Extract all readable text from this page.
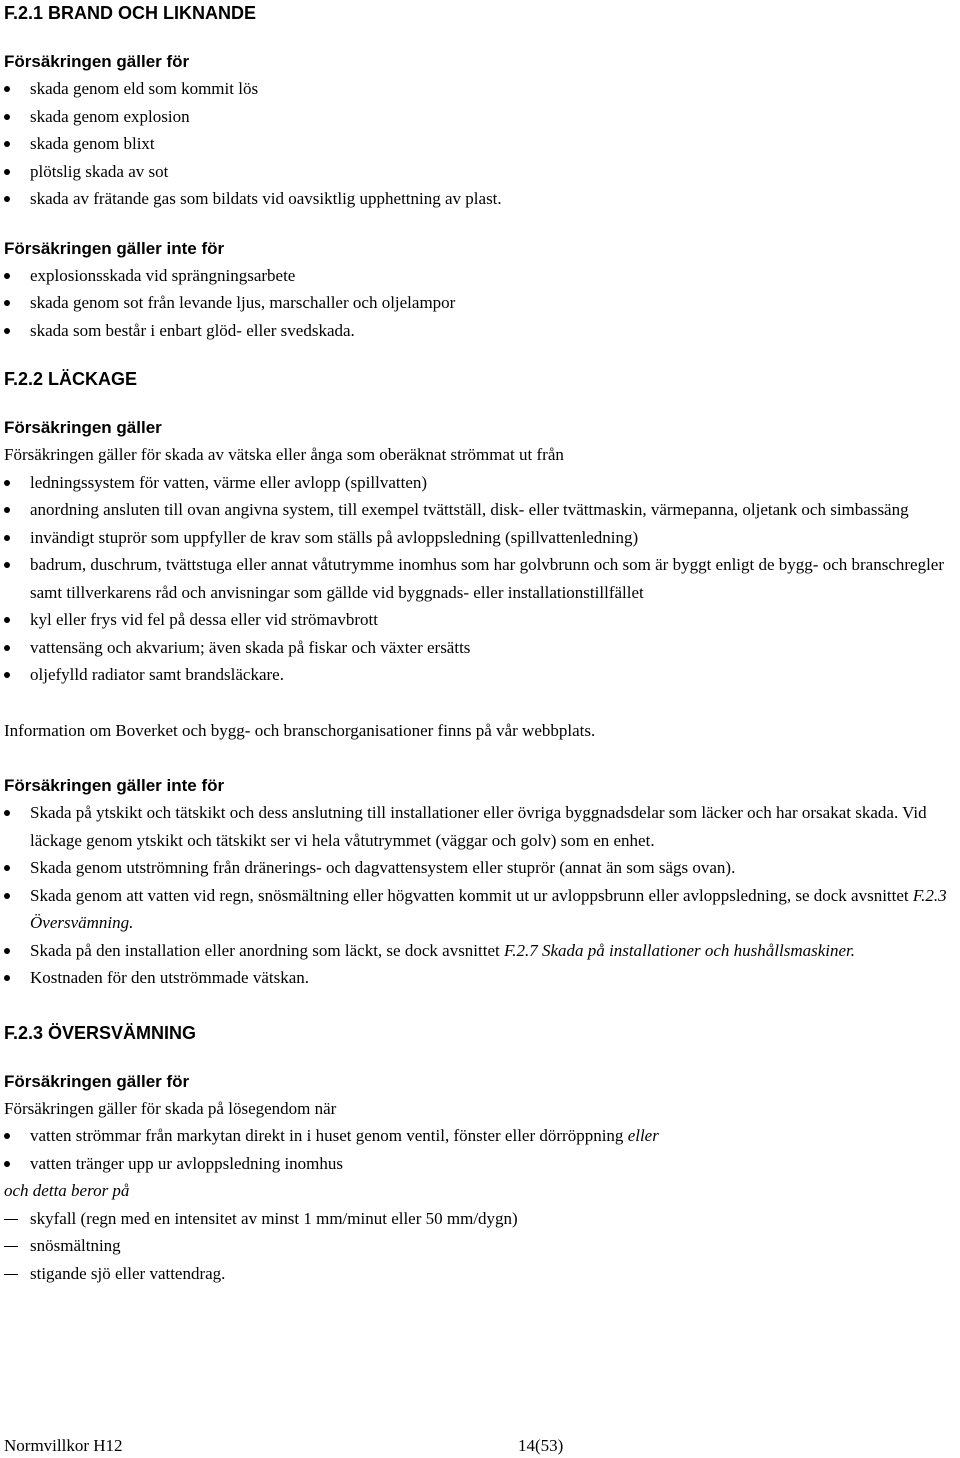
F.2.1 BRAND OCH LIKNANDE
Försäkringen gäller för
skada genom eld som kommit lös
skada genom explosion
skada genom blixt
plötslig skada av sot
skada av frätande gas som bildats vid oavsiktlig upphettning av plast.
Försäkringen gäller inte för
explosionsskada vid sprängningsarbete
skada genom sot från levande ljus, marschaller och oljelampor
skada som består i enbart glöd- eller svedskada.
F.2.2 LÄCKAGE
Försäkringen gäller

Försäkringen gäller för skada av vätska eller ånga som oberäknat strömmat ut från

ledningssystem för vatten, värme eller avlopp (spillvatten)
anordning ansluten till ovan angivna system, till exempel tvättställ, disk- eller tvättmaskin, värmepanna, oljetank och simbassäng
invändigt stuprör som uppfyller de krav som ställs på avloppsledning (spillvattenledning)
badrum, duschrum, tvättstuga eller annat våtutrymme inomhus som har golvbrunn och som är byggt enligt de bygg- och branschregler samt tillverkarens råd och anvisningar som gällde vid byggnads- eller installationstillfället
kyl eller frys vid fel på dessa eller vid strömavbrott
vattensäng och akvarium; även skada på fiskar och växter ersätts
oljefylld radiator samt brandsläckare.

Information om Boverket och bygg- och branschorganisationer finns på vår webbplats.

Försäkringen gäller inte för
Skada på ytskikt och tätskikt och dess anslutning till installationer eller övriga byggnadsdelar som läcker och har orsakat skada. Vid läckage genom ytskikt och tätskikt ser vi hela våtutrymmet (väggar och golv) som en enhet.
Skada genom utströmning från dränerings- och dagvattensystem eller stuprör (annat än som sägs ovan).
Skada genom att vatten vid regn, snösmältning eller högvatten kommit ut ur avloppsbrunn eller avloppsledning, se dock avsnittet F.2.3 Översvämning.
Skada på den installation eller anordning som läckt, se dock avsnittet F.2.7 Skada på installationer och hushållsmaskiner.
Kostnaden för den utströmmade vätskan.
F.2.3 ÖVERSVÄMNING
Försäkringen gäller för

Försäkringen gäller för skada på lösegendom när

vatten strömmar från markytan direkt in i huset genom ventil, fönster eller dörröppning eller
vatten tränger upp ur avloppsledning inomhus

och detta beror på

skyfall (regn med en intensitet av minst 1 mm/minut eller 50 mm/dygn)
snösmältning
stigande sjö eller vattendrag.
Normvillkor H12	14(53)
